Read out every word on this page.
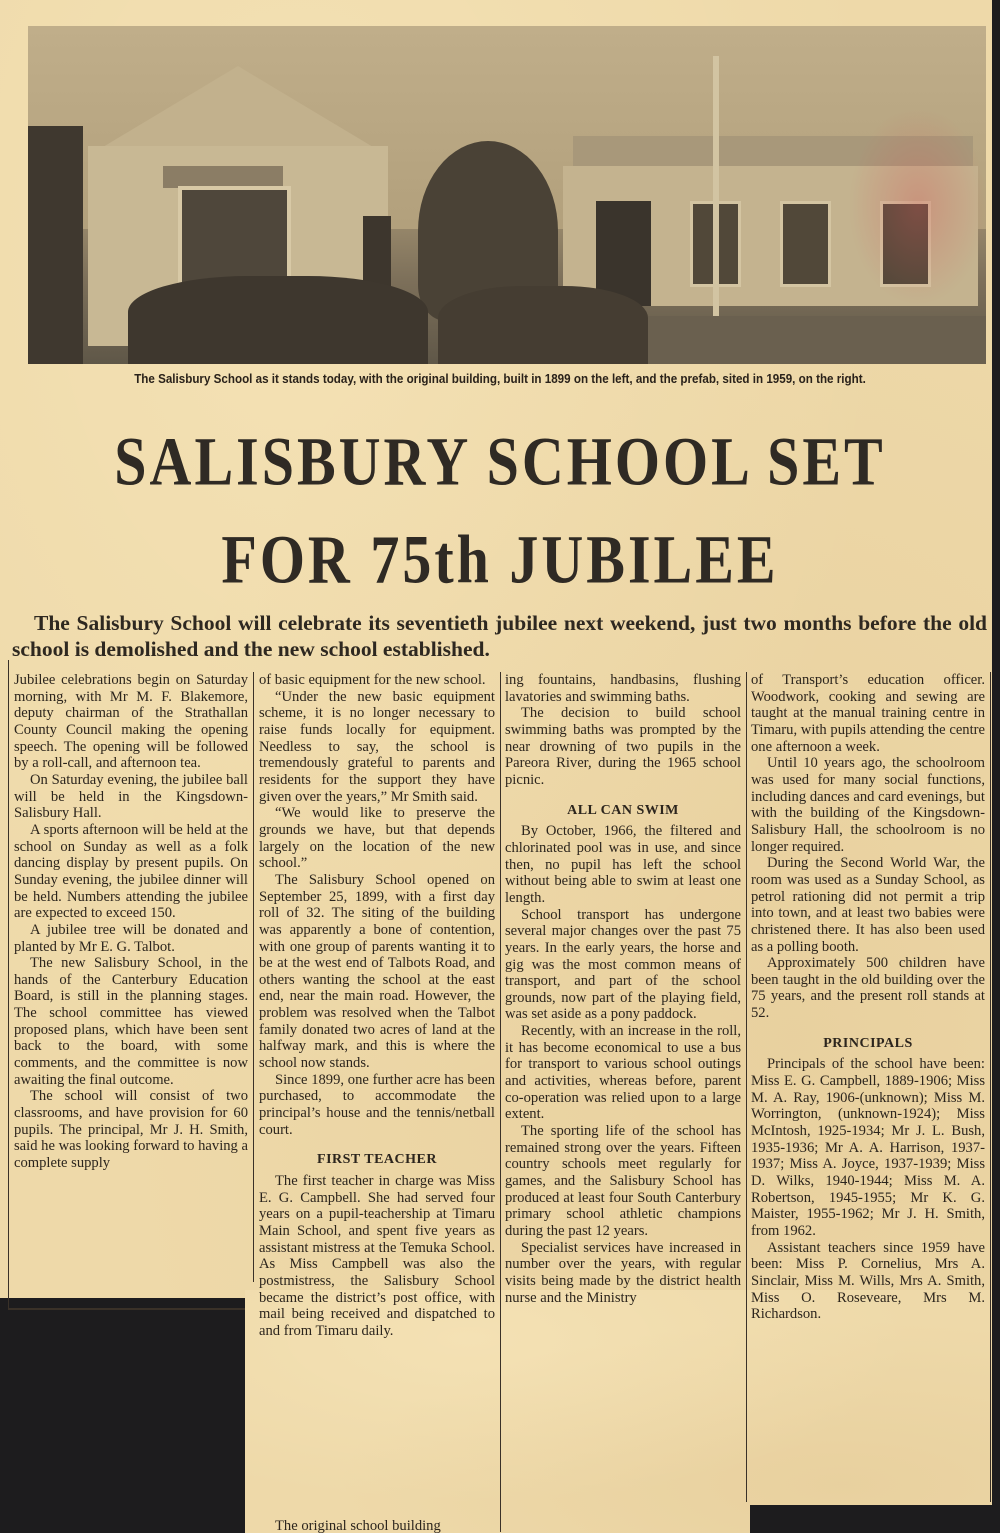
The Salisbury School as it stands today, with the original building, built in 1899 on the left, and the prefab, sited in 1959, on the right.
SALISBURY SCHOOL SET
FOR 75th JUBILEE
The Salisbury School will celebrate its seventieth jubilee next weekend, just two months before the old school is demolished and the new school established.

Jubilee celebrations begin on Saturday morning, with Mr M. F. Blakemore, deputy chairman of the Strathallan County Council making the opening speech. The opening will be followed by a roll-call, and afternoon tea.

On Saturday evening, the jubilee ball will be held in the Kingsdown-Salisbury Hall.

A sports afternoon will be held at the school on Sunday as well as a folk dancing display by present pupils. On Sunday evening, the jubilee dinner will be held. Numbers attending the jubilee are expected to exceed 150.

A jubilee tree will be donated and planted by Mr E. G. Talbot.

The new Salisbury School, in the hands of the Canterbury Education Board, is still in the planning stages. The school committee has viewed proposed plans, which have been sent back to the board, with some comments, and the committee is now awaiting the final outcome.

The school will consist of two classrooms, and have provision for 60 pupils. The principal, Mr J. H. Smith, said he was looking forward to having a complete supply

of basic equipment for the new school.

“Under the new basic equipment scheme, it is no longer necessary to raise funds locally for equipment. Needless to say, the school is tremendously grateful to parents and residents for the support they have given over the years,” Mr Smith said.

“We would like to preserve the grounds we have, but that depends largely on the location of the new school.”

The Salisbury School opened on September 25, 1899, with a first day roll of 32. The siting of the building was apparently a bone of contention, with one group of parents wanting it to be at the west end of Talbots Road, and others wanting the school at the east end, near the main road. However, the problem was resolved when the Talbot family donated two acres of land at the halfway mark, and this is where the school now stands.

Since 1899, one further acre has been purchased, to accommodate the principal’s house and the tennis/netball court.

FIRST TEACHER

The first teacher in charge was Miss E. G. Campbell. She had served four years on a pupil-teachership at Timaru Main School, and spent five years as assistant mistress at the Temuka School. As Miss Campbell was also the postmistress, the Salisbury School became the district’s post office, with mail being received and dispatched to and from Timaru daily.

The original school building

ing fountains, handbasins, flushing lavatories and swimming baths.

The decision to build school swimming baths was prompted by the near drowning of two pupils in the Pareora River, during the 1965 school picnic.

ALL CAN SWIM

By October, 1966, the filtered and chlorinated pool was in use, and since then, no pupil has left the school without being able to swim at least one length.

School transport has undergone several major changes over the past 75 years. In the early years, the horse and gig was the most common means of transport, and part of the school grounds, now part of the playing field, was set aside as a pony paddock.

Recently, with an increase in the roll, it has become economical to use a bus for transport to various school outings and activities, whereas before, parent co-operation was relied upon to a large extent.

The sporting life of the school has remained strong over the years. Fifteen country schools meet regularly for games, and the Salisbury School has produced at least four South Canterbury primary school athletic champions during the past 12 years.

Specialist services have increased in number over the years, with regular visits being made by the district health nurse and the Ministry

of Transport’s education officer. Woodwork, cooking and sewing are taught at the manual training centre in Timaru, with pupils attending the centre one afternoon a week.

Until 10 years ago, the schoolroom was used for many social functions, including dances and card evenings, but with the building of the Kingsdown-Salisbury Hall, the schoolroom is no longer required.

During the Second World War, the room was used as a Sunday School, as petrol rationing did not permit a trip into town, and at least two babies were christened there. It has also been used as a polling booth.

Approximately 500 children have been taught in the old building over the 75 years, and the present roll stands at 52.

PRINCIPALS

Principals of the school have been: Miss E. G. Campbell, 1889-1906; Miss M. A. Ray, 1906-(unknown); Miss M. Worrington, (unknown-1924); Miss McIntosh, 1925-1934; Mr J. L. Bush, 1935-1936; Mr A. A. Harrison, 1937-1937; Miss A. Joyce, 1937-1939; Miss D. Wilks, 1940-1944; Miss M. A. Robertson, 1945-1955; Mr K. G. Maister, 1955-1962; Mr J. H. Smith, from 1962.

Assistant teachers since 1959 have been: Miss P. Cornelius, Mrs A. Sinclair, Miss M. Wills, Mrs A. Smith, Miss O. Roseveare, Mrs M. Richardson.
